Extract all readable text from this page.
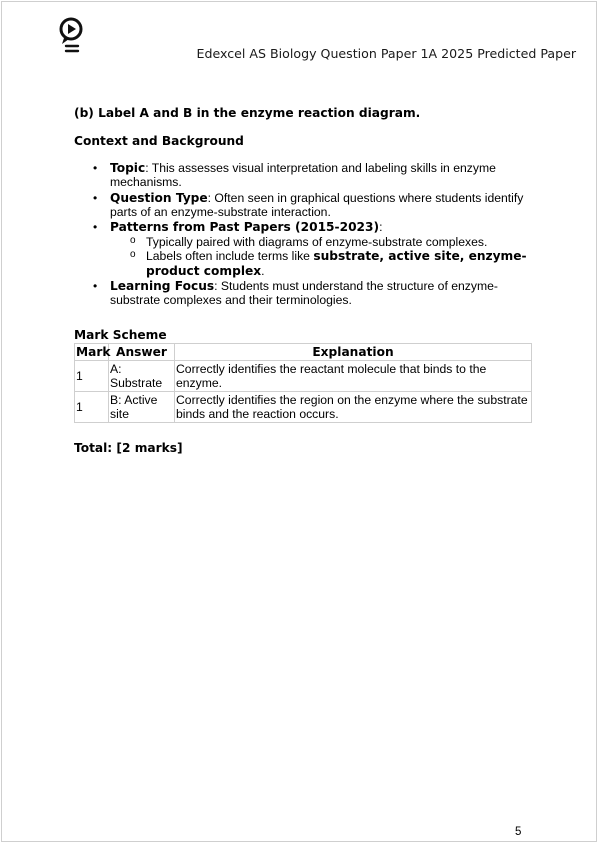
Edexcel AS Biology Question Paper 1A 2025 Predicted Paper

(b) Label A and B in the enzyme reaction diagram.

Context and Background

• Topic: This assesses visual interpretation and labeling skills in enzyme mechanisms.
• Question Type: Often seen in graphical questions where students identify parts of an enzyme-substrate interaction.
• Patterns from Past Papers (2015-2023):
o Typically paired with diagrams of enzyme-substrate complexes.
o Labels often include terms like substrate, active site, enzyme-product complex.
• Learning Focus: Students must understand the structure of enzyme-substrate complexes and their terminologies.

Mark Scheme

Mark	Answer	Explanation
1	A: Substrate	Correctly identifies the reactant molecule that binds to the enzyme.
1	B: Active site	Correctly identifies the region on the enzyme where the substrate binds and the reaction occurs.

Total: [2 marks]

5
